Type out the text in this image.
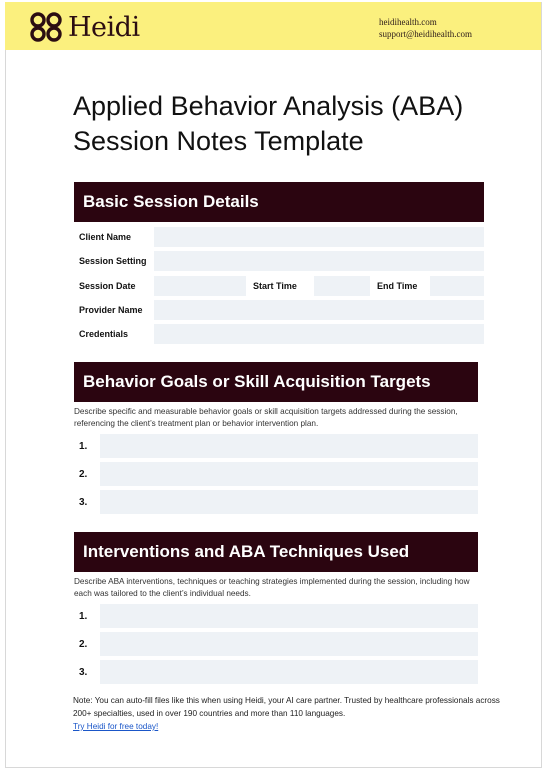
Heidi	heidihealth.com
support@heidihealth.com
Applied Behavior Analysis (ABA) Session Notes Template
Basic Session Details
Client Name
Session Setting
Session Date	Start Time	End Time
Provider Name
Credentials
Behavior Goals or Skill Acquisition Targets
Describe specific and measurable behavior goals or skill acquisition targets addressed during the session, referencing the client’s treatment plan or behavior intervention plan.
1.
2.
3.
Interventions and ABA Techniques Used
Describe ABA interventions, techniques or teaching strategies implemented during the session, including how each was tailored to the client’s individual needs.
1.
2.
3.
Note: You can auto-fill files like this when using Heidi, your AI care partner. Trusted by healthcare professionals across 200+ specialties, used in over 190 countries and more than 110 languages.
Try Heidi for free today!
